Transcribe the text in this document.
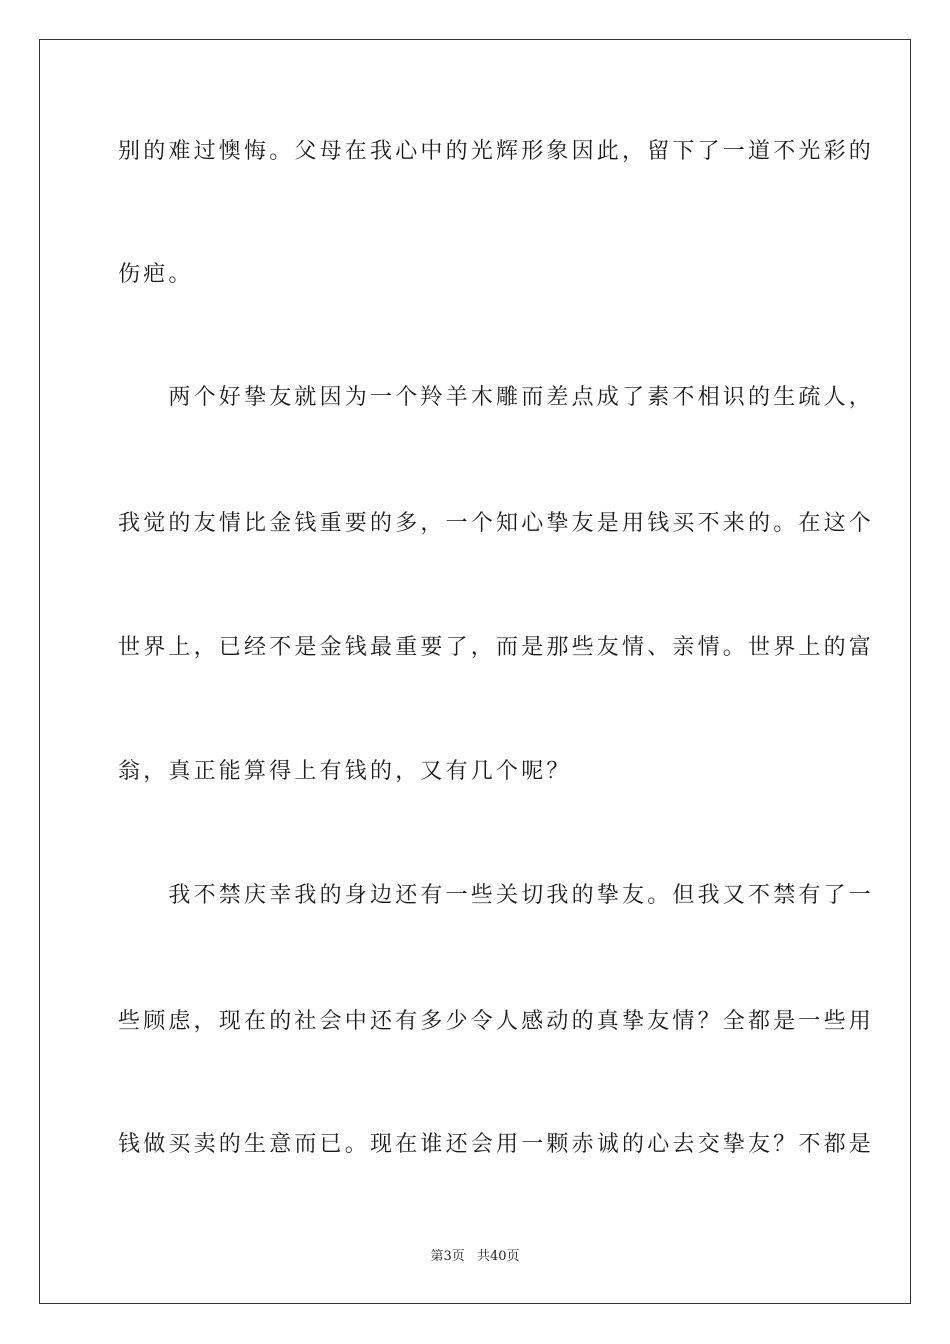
别的难过懊悔。父母在我心中的光辉形象因此，留下了一道不光彩的
伤疤。
　　两个好挚友就因为一个羚羊木雕而差点成了素不相识的生疏人，
我觉的友情比金钱重要的多，一个知心挚友是用钱买不来的。在这个
世界上，已经不是金钱最重要了，而是那些友情、亲情。世界上的富
翁，真正能算得上有钱的，又有几个呢？
　　我不禁庆幸我的身边还有一些关切我的挚友。但我又不禁有了一
些顾虑，现在的社会中还有多少令人感动的真挚友情？全都是一些用
钱做买卖的生意而已。现在谁还会用一颗赤诚的心去交挚友？不都是
第3页 共40页
